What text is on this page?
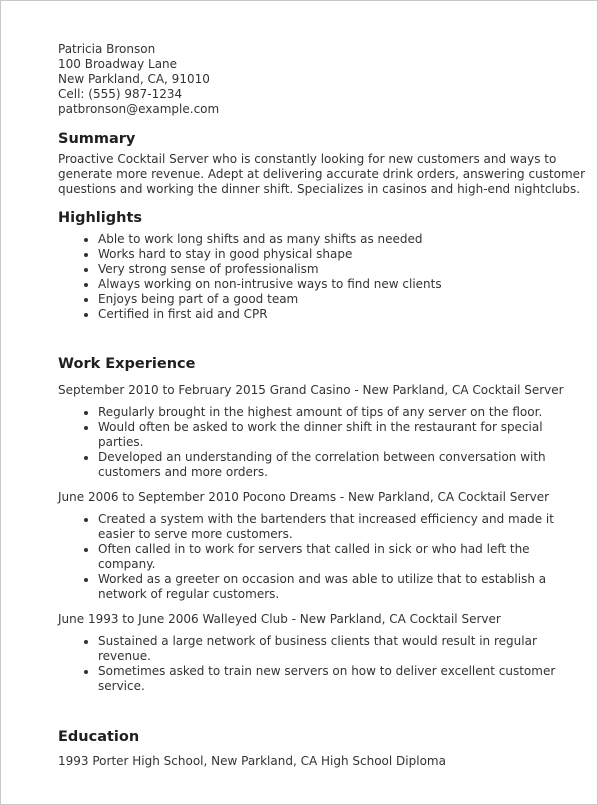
Patricia Bronson
100 Broadway Lane
New Parkland, CA, 91010
Cell: (555) 987-1234
patbronson@example.com
Summary
Proactive Cocktail Server who is constantly looking for new customers and ways to generate more revenue. Adept at delivering accurate drink orders, answering customer questions and working the dinner shift. Specializes in casinos and high-end nightclubs.
Highlights
• Able to work long shifts and as many shifts as needed
• Works hard to stay in good physical shape
• Very strong sense of professionalism
• Always working on non-intrusive ways to find new clients
• Enjoys being part of a good team
• Certified in first aid and CPR
Work Experience
September 2010 to February 2015 Grand Casino - New Parkland, CA Cocktail Server
• Regularly brought in the highest amount of tips of any server on the floor.
• Would often be asked to work the dinner shift in the restaurant for special parties.
• Developed an understanding of the correlation between conversation with customers and more orders.
June 2006 to September 2010 Pocono Dreams - New Parkland, CA Cocktail Server
• Created a system with the bartenders that increased efficiency and made it easier to serve more customers.
• Often called in to work for servers that called in sick or who had left the company.
• Worked as a greeter on occasion and was able to utilize that to establish a network of regular customers.
June 1993 to June 2006 Walleyed Club - New Parkland, CA Cocktail Server
• Sustained a large network of business clients that would result in regular revenue.
• Sometimes asked to train new servers on how to deliver excellent customer service.
Education
1993 Porter High School, New Parkland, CA High School Diploma
